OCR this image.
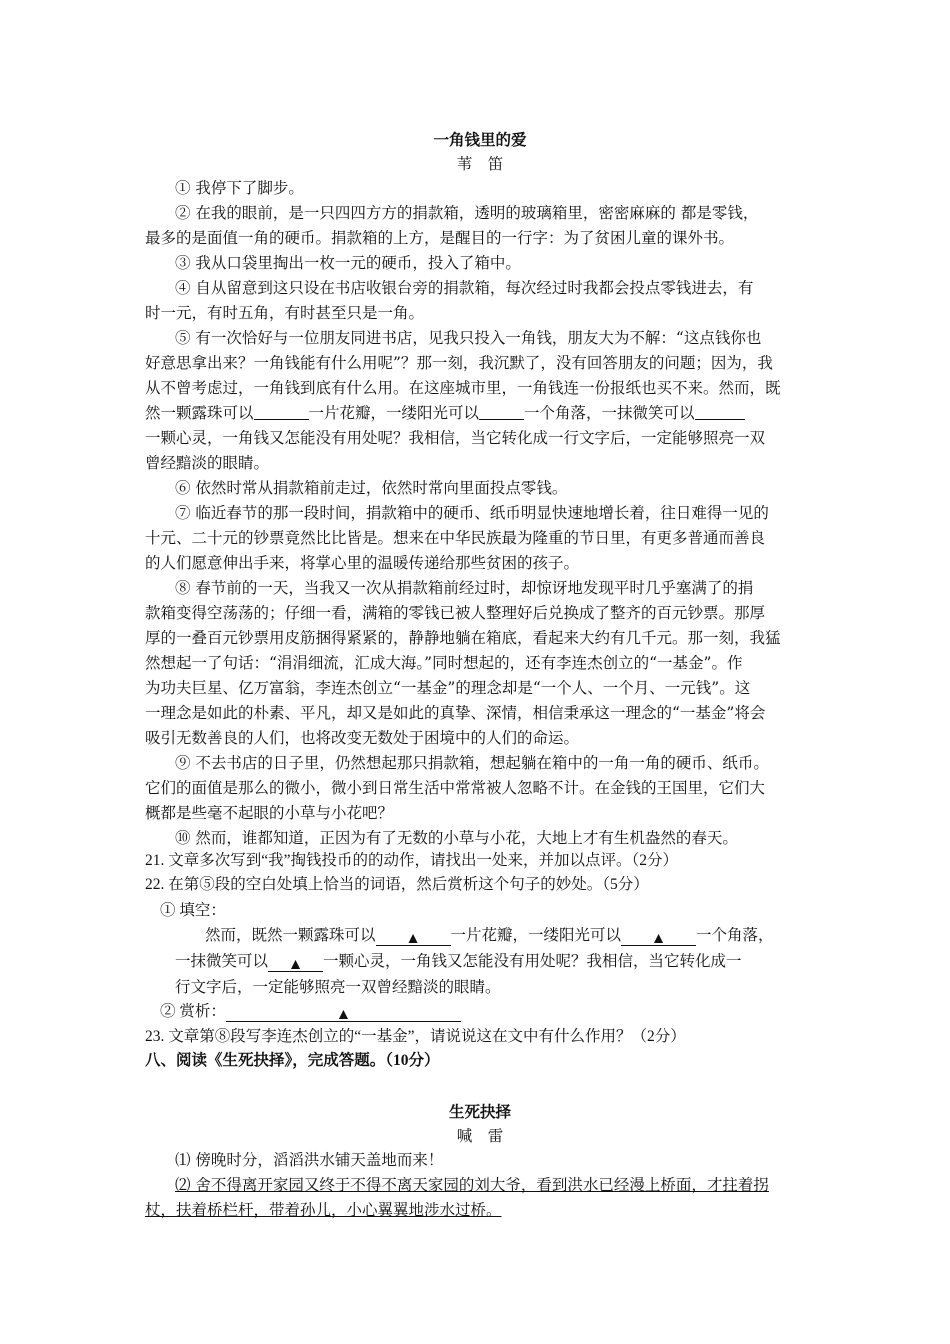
一角钱里的爱
苇　笛
① 我停下了脚步。
② 在我的眼前，是一只四四方方的捐款箱，透明的玻璃箱里，密密麻麻的 都是零钱，
最多的是面值一角的硬币。捐款箱的上方，是醒目的一行字：为了贫困儿童的课外书。
③ 我从口袋里掏出一枚一元的硬币，投入了箱中。
④ 自从留意到这只设在书店收银台旁的捐款箱，每次经过时我都会投点零钱进去，有
时一元，有时五角，有时甚至只是一角。
⑤ 有一次恰好与一位朋友同进书店，见我只投入一角钱，朋友大为不解：“这点钱你也
好意思拿出来？一角钱能有什么用呢”？那一刻，我沉默了，没有回答朋友的问题；因为，我
从不曾考虑过，一角钱到底有什么用。在这座城市里，一角钱连一份报纸也买不来。然而，既
然一颗露珠可以	一片花瓣，一缕阳光可以	一个角落，一抹微笑可以
一颗心灵，一角钱又怎能没有用处呢？我相信，当它转化成一行文字后，一定能够照亮一双
曾经黯淡的眼睛。
⑥ 依然时常从捐款箱前走过，依然时常向里面投点零钱。
⑦ 临近春节的那一段时间，捐款箱中的硬币、纸币明显快速地增长着，往日难得一见的
十元、二十元的钞票竟然比比皆是。想来在中华民族最为隆重的节日里，有更多普通而善良
的人们愿意伸出手来，将掌心里的温暖传递给那些贫困的孩子。
⑧ 春节前的一天，当我又一次从捐款箱前经过时，却惊讶地发现平时几乎塞满了的捐
款箱变得空荡荡的；仔细一看，满箱的零钱已被人整理好后兑换成了整齐的百元钞票。那厚
厚的一叠百元钞票用皮筋捆得紧紧的，静静地躺在箱底，看起来大约有几千元。那一刻，我猛
然想起一了句话：“涓涓细流，汇成大海。”同时想起的，还有李连杰创立的“一基金”。作
为功夫巨星、亿万富翁，李连杰创立“一基金”的理念却是“一个人、一个月、一元钱”。这
一理念是如此的朴素、平凡，却又是如此的真挚、深情，相信秉承这一理念的“一基金”将会
吸引无数善良的人们，也将改变无数处于困境中的人们的命运。
⑨ 不去书店的日子里，仍然想起那只捐款箱，想起躺在箱中的一角一角的硬币、纸币。
它们的面值是那么的微小，微小到日常生活中常常被人忽略不计。在金钱的王国里，它们大
概都是些毫不起眼的小草与小花吧？
⑩ 然而，谁都知道，正因为有了无数的小草与小花，大地上才有生机盎然的春天。
21. 文章多次写到“我”掏钱投币的的动作，请找出一处来，并加以点评。（2分）
22. 在第⑤段的空白处填上恰当的词语，然后赏析这个句子的妙处。（5分）
① 填空：
然而，既然一颗露珠可以 ▲ 一片花瓣，一缕阳光可以 ▲ 一个角落，
一抹微笑可以 ▲ 一颗心灵，一角钱又怎能没有用处呢？我相信，当它转化成一
行文字后，一定能够照亮一双曾经黯淡的眼睛。
② 赏析：	▲
23. 文章第⑧段写李连杰创立的“一基金”，请说说这在文中有什么作用？（2分）
八、阅读《生死抉择》，完成答题。（10分）
生死抉择
喊　雷
⑴ 傍晚时分，滔滔洪水铺天盖地而来！
⑵ 舍不得离开家园又终于不得不离天家园的刘大爷，看到洪水已经漫上桥面，才拄着拐
杖，扶着桥栏杆，带着孙儿，小心翼翼地涉水过桥。
